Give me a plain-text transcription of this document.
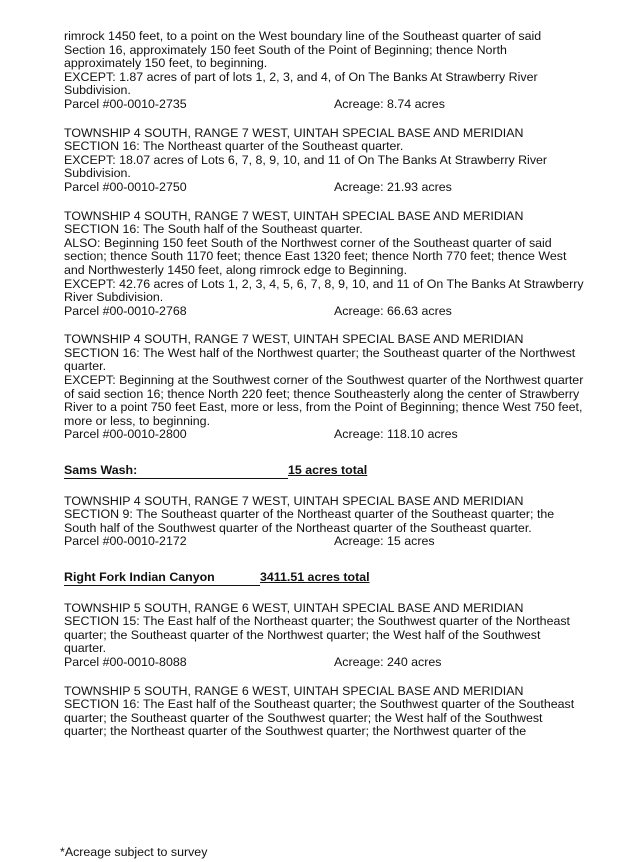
rimrock 1450 feet, to a point on the West boundary line of the Southeast quarter of said
Section 16, approximately 150 feet South of the Point of Beginning; thence North
approximately 150 feet, to beginning.
EXCEPT: 1.87 acres of part of lots 1, 2, 3, and 4, of On The Banks At Strawberry River
Subdivision.
Parcel #00-0010-2735	Acreage: 8.74 acres
TOWNSHIP 4 SOUTH, RANGE 7 WEST, UINTAH SPECIAL BASE AND MERIDIAN
SECTION 16: The Northeast quarter of the Southeast quarter.
EXCEPT: 18.07 acres of Lots 6, 7, 8, 9, 10, and 11 of On The Banks At Strawberry River
Subdivision.
Parcel #00-0010-2750	Acreage: 21.93 acres
TOWNSHIP 4 SOUTH, RANGE 7 WEST, UINTAH SPECIAL BASE AND MERIDIAN
SECTION 16: The South half of the Southeast quarter.
ALSO: Beginning 150 feet South of the Northwest corner of the Southeast quarter of said
section; thence South 1170 feet; thence East 1320 feet; thence North 770 feet; thence West
and Northwesterly 1450 feet, along rimrock edge to Beginning.
EXCEPT: 42.76 acres of Lots 1, 2, 3, 4, 5, 6, 7, 8, 9, 10, and 11 of On The Banks At Strawberry
River Subdivision.
Parcel #00-0010-2768	Acreage: 66.63 acres
TOWNSHIP 4 SOUTH, RANGE 7 WEST, UINTAH SPECIAL BASE AND MERIDIAN
SECTION 16: The West half of the Northwest quarter; the Southeast quarter of the Northwest
quarter.
EXCEPT: Beginning at the Southwest corner of the Southwest quarter of the Northwest quarter
of said section 16; thence North 220 feet; thence Southeasterly along the center of Strawberry
River to a point 750 feet East, more or less, from the Point of Beginning; thence West 750 feet,
more or less, to beginning.
Parcel #00-0010-2800	Acreage: 118.10 acres
Sams Wash:	15 acres total
TOWNSHIP 4 SOUTH, RANGE 7 WEST, UINTAH SPECIAL BASE AND MERIDIAN
SECTION 9: The Southeast quarter of the Northeast quarter of the Southeast quarter; the
South half of the Southwest quarter of the Northeast quarter of the Southeast quarter.
Parcel #00-0010-2172	Acreage: 15 acres
Right Fork Indian Canyon	3411.51 acres total
TOWNSHIP 5 SOUTH, RANGE 6 WEST, UINTAH SPECIAL BASE AND MERIDIAN
SECTION 15: The East half of the Northeast quarter; the Southwest quarter of the Northeast
quarter; the Southeast quarter of the Northwest quarter; the West half of the Southwest
quarter.
Parcel #00-0010-8088	Acreage: 240 acres
TOWNSHIP 5 SOUTH, RANGE 6 WEST, UINTAH SPECIAL BASE AND MERIDIAN
SECTION 16: The East half of the Southeast quarter; the Southwest quarter of the Southeast
quarter; the Southeast quarter of the Southwest quarter; the West half of the Southwest
quarter; the Northeast quarter of the Southwest quarter; the Northwest quarter of the
*Acreage subject to survey
